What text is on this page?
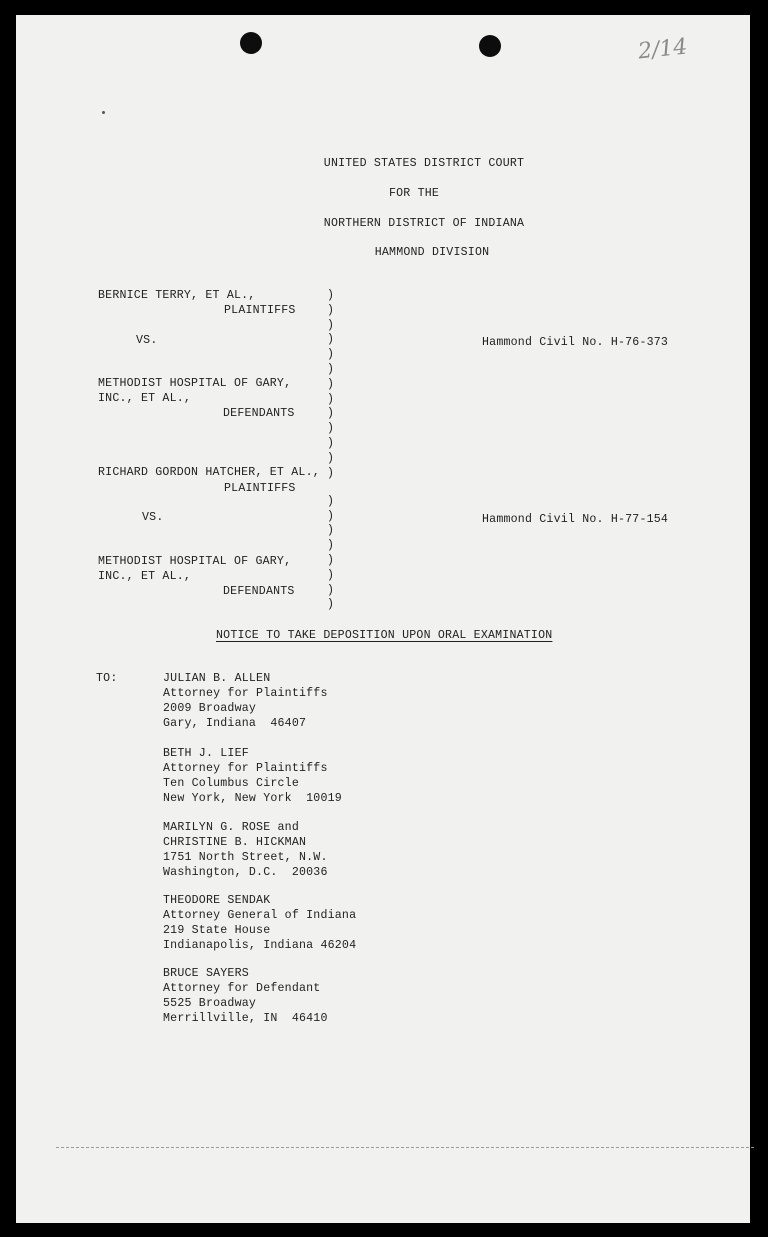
2/14
UNITED STATES DISTRICT COURT
FOR THE
NORTHERN DISTRICT OF INDIANA
HAMMOND DIVISION
BERNICE TERRY, ET AL.,
PLAINTIFFS
VS.
METHODIST HOSPITAL OF GARY,
INC., ET AL.,
DEFENDANTS
Hammond Civil No. H-76-373
)
)
)
)
)
)
)
)
)
)
)
)
)
RICHARD GORDON HATCHER, ET AL.,
PLAINTIFFS
VS.
METHODIST HOSPITAL OF GARY,
INC., ET AL.,
DEFENDANTS
Hammond Civil No. H-77-154

)
)
)
)
)
)
)
)
NOTICE TO TAKE DEPOSITION UPON ORAL EXAMINATION
TO:	JULIAN B. ALLEN
Attorney for Plaintiffs
2009 Broadway
Gary, Indiana  46407
BETH J. LIEF
Attorney for Plaintiffs
Ten Columbus Circle
New York, New York  10019
MARILYN G. ROSE and
CHRISTINE B. HICKMAN
1751 North Street, N.W.
Washington, D.C.  20036
THEODORE SENDAK
Attorney General of Indiana
219 State House
Indianapolis, Indiana 46204
BRUCE SAYERS
Attorney for Defendant
5525 Broadway
Merrillville, IN  46410
